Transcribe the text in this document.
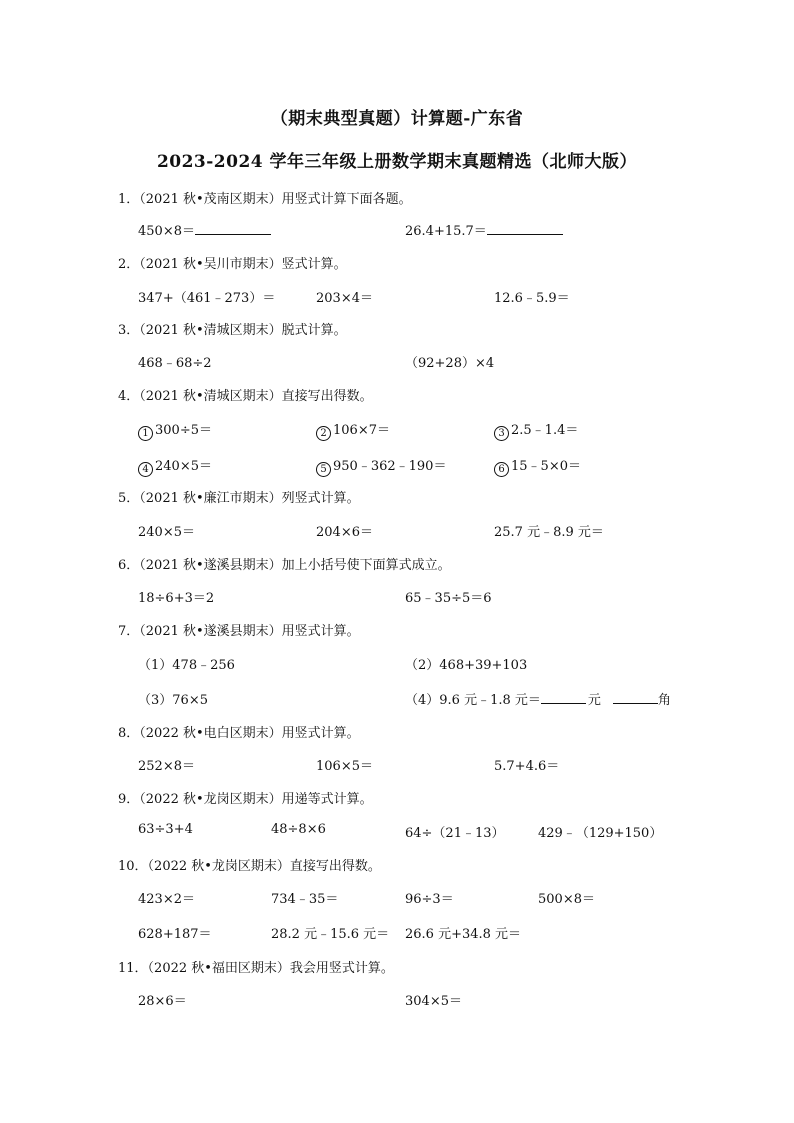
（期末典型真题）计算题-广东省
2023-2024 学年三年级上册数学期末真题精选（北师大版）
1．（2021 秋•茂南区期末）用竖式计算下面各题。
450×8＝	26.4+15.7＝
2．（2021 秋•吴川市期末）竖式计算。
347+（461﹣273）＝	203×4＝	12.6﹣5.9＝
3．（2021 秋•清城区期末）脱式计算。
468﹣68÷2	（92+28）×4
4．（2021 秋•清城区期末）直接写出得数。
1 300÷5＝	2 106×7＝	3 2.5﹣1.4＝
4 240×5＝	5 950﹣362﹣190＝	6 15﹣5×0＝
5．（2021 秋•廉江市期末）列竖式计算。
240×5＝	204×6＝	25.7 元﹣8.9 元＝
6．（2021 秋•遂溪县期末）加上小括号使下面算式成立。
18÷6+3＝2	65﹣35÷5＝6
7．（2021 秋•遂溪县期末）用竖式计算。
（1）478﹣256	（2）468+39+103
（3）76×5	（4）9.6 元﹣1.8 元＝	元	角
8．（2022 秋•电白区期末）用竖式计算。
252×8＝	106×5＝	5.7+4.6＝
9．（2022 秋•龙岗区期末）用递等式计算。
63÷3+4	48÷8×6	64÷（21﹣13）	429﹣（129+150）
10．（2022 秋•龙岗区期末）直接写出得数。
423×2＝	734﹣35＝	96÷3＝	500×8＝
628+187＝	28.2 元﹣15.6 元＝ 26.6 元+34.8 元＝
11．（2022 秋•福田区期末）我会用竖式计算。
28×6＝	304×5＝
